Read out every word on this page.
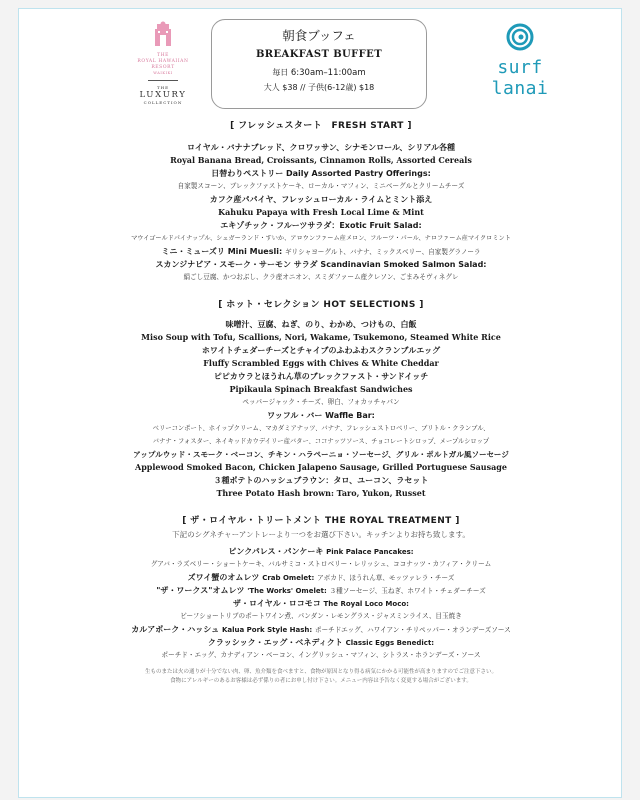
THE
ROYAL HAWAIIAN
RESORT
WAIKIKI
THE
LUXURY
COLLECTION
朝食ブッフェ
BREAKFAST BUFFET
毎日 6:30am–11:00am
大人 $38 // 子供(6-12歳) $18
surf lanai
[ フレッシュスタート　FRESH START ]
ロイヤル・バナナブレッド、クロワッサン、シナモンロール、シリアル各種
Royal Banana Bread, Croissants, Cinnamon Rolls, Assorted Cereals
日替わりペストリー Daily Assorted Pastry Offerings:
自家製スコーン、ブレックファストケーキ、ローカル・マフィン、ミニベーグルとクリームチーズ
カフク産パパイヤ、フレッシュローカル・ライムとミント添え
Kahuku Papaya with Fresh Local Lime & Mint
エキゾチック・フルーツサラダ：Exotic Fruit Salad:
マウイゴールドパイナップル、シュガーランド・すいか、アロウンファーム産メロン、フルーツ・パール、ナロファーム産マイクロミント
ミニ・ミューズリ Mini Muesli: ギリシャヨーグルト、バナナ、ミックスベリー、自家製グラノーラ
スカンジナビア・スモーク・サーモン サラダ Scandinavian Smoked Salmon Salad:
絹ごし豆腐、かつおぶし、クラ産オニオン、スミダファーム産クレソン、ごまみそヴィネグレ
[ ホット・セレクション HOT SELECTIONS ]
味噌汁、豆腐、ねぎ、のり、わかめ、つけもの、白飯
Miso Soup with Tofu, Scallions, Nori, Wakame, Tsukemono, Steamed White Rice
ホワイトチェダーチーズとチャイブのふわふわスクランブルエッグ
Fluffy Scrambled Eggs with Chives & White Cheddar
ピピカウラとほうれん草のブレックファスト・サンドイッチ
Pipikaula Spinach Breakfast Sandwiches
ペッパージャック・チーズ、卵白、フォカッチャパン
ワッフル・バー Waffle Bar:
ベリーコンポート、ホイップクリーム、マカダミアナッツ、バナナ、フレッシュストロベリー、ブリトル・クランブル、
バナナ・フォスター、ネイキッドカウデイリー産バター、ココナッツソース、チョコレートシロップ、メープルシロップ
アップルウッド・スモーク・ベーコン、チキン・ハラペーニョ・ソーセージ、グリル・ポルトガル風ソーセージ
Applewood Smoked Bacon, Chicken Jalapeno Sausage, Grilled Portuguese Sausage
３種ポテトのハッシュブラウン：タロ、ユーコン、ラセット
Three Potato Hash brown: Taro, Yukon, Russet
[ ザ・ロイヤル・トリートメント THE ROYAL TREATMENT ]
下記のシグネチャーアントレーより一つをお選び下さい。キッチンよりお持ち致します。
ピンクパレス・パンケーキ Pink Palace Pancakes:
グアバ・ラズベリー・ショートケーキ、バルサミコ・ストロベリー・レリッシュ、ココナッツ・カフィア・クリーム
ズワイ蟹のオムレツ Crab Omelet: アボカド、ほうれん草、モッツァレラ・チーズ
"ザ・ワークス"オムレツ 'The Works' Omelet: ３種ソーセージ、玉ねぎ、ホワイト・チェダーチーズ
ザ・ロイヤル・ロコモコ The Royal Loco Moco:
ビーフショートリブのポートワイン煮、パンダン・レモングラス・ジャスミンライス、目玉焼き
カルアポーク・ハッシュ Kalua Pork Style Hash: ポーチドエッグ、ハワイアン・チリペッパー・オランデーズソース
クラッシック・エッグ・ベネディクト Classic Eggs Benedict:
ポーチド・エッグ、カナディアン・ベーコン、イングリッシュ・マフィン、シトラス・ホランデーズ・ソース
生ものまたは火の通りが十分でない肉、卵、魚介類を食べますと、食物が原因となり得る病気にかかる可能性が高まりますのでご注意下さい。
食物にアレルギーのあるお客様は必ず係りの者にお申し付け下さい。メニュー内容は予告なく変更する場合がございます。
